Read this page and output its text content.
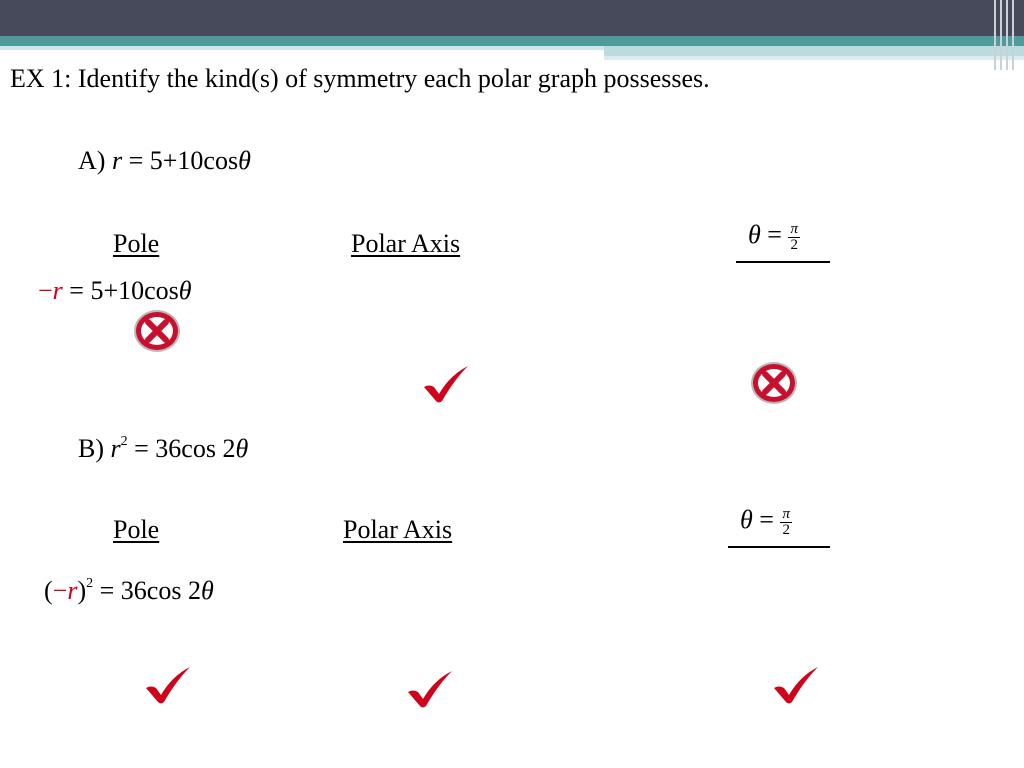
EX 1: Identify the kind(s) of symmetry each polar graph possesses.
A) r = 5+10cosθ
Pole	Polar Axis	$\theta = \frac{\pi}{2}$
−r = 5+10cosθ
B) $r^2 = 36\cos$ 2θ
Pole	Polar Axis	$\theta = \frac{\pi}{2}$
$(-r)^2 = 36\cos$ 2θ
